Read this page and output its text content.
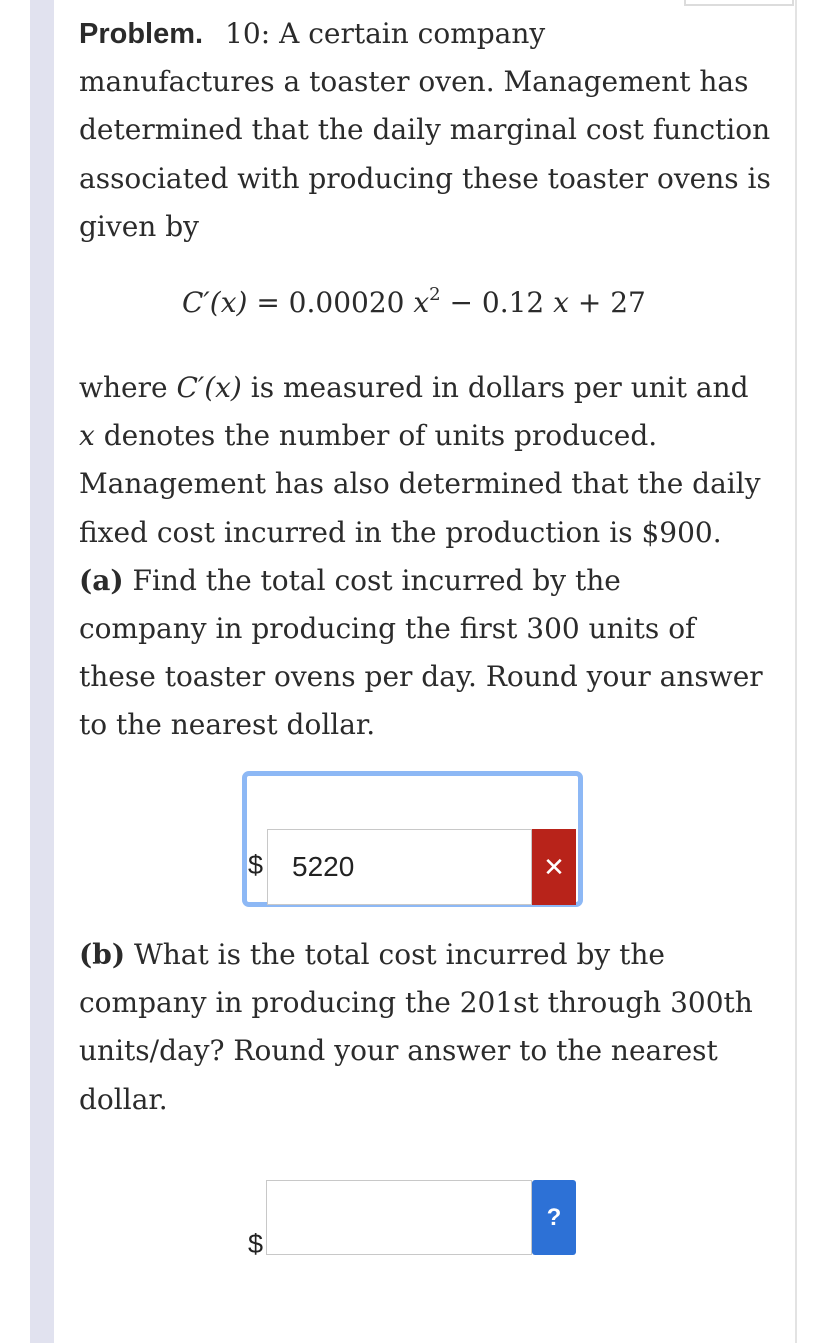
Problem. 10: A certain company

manufactures a toaster oven. Management has

determined that the daily marginal cost function

associated with producing these toaster ovens is

given by

C′(x) = 0.00020 $x^2 - 0.12$ x + 27

where C′(x) is measured in dollars per unit and

x denotes the number of units produced.

Management has also determined that the daily

fixed cost incurred in the production is $900.

(a) Find the total cost incurred by the

company in producing the first 300 units of

these toaster ovens per day. Round your answer

to the nearest dollar.

$	5220	✕

(b) What is the total cost incurred by the

company in producing the 201st through 300th

units/day? Round your answer to the nearest

dollar.

$
?
